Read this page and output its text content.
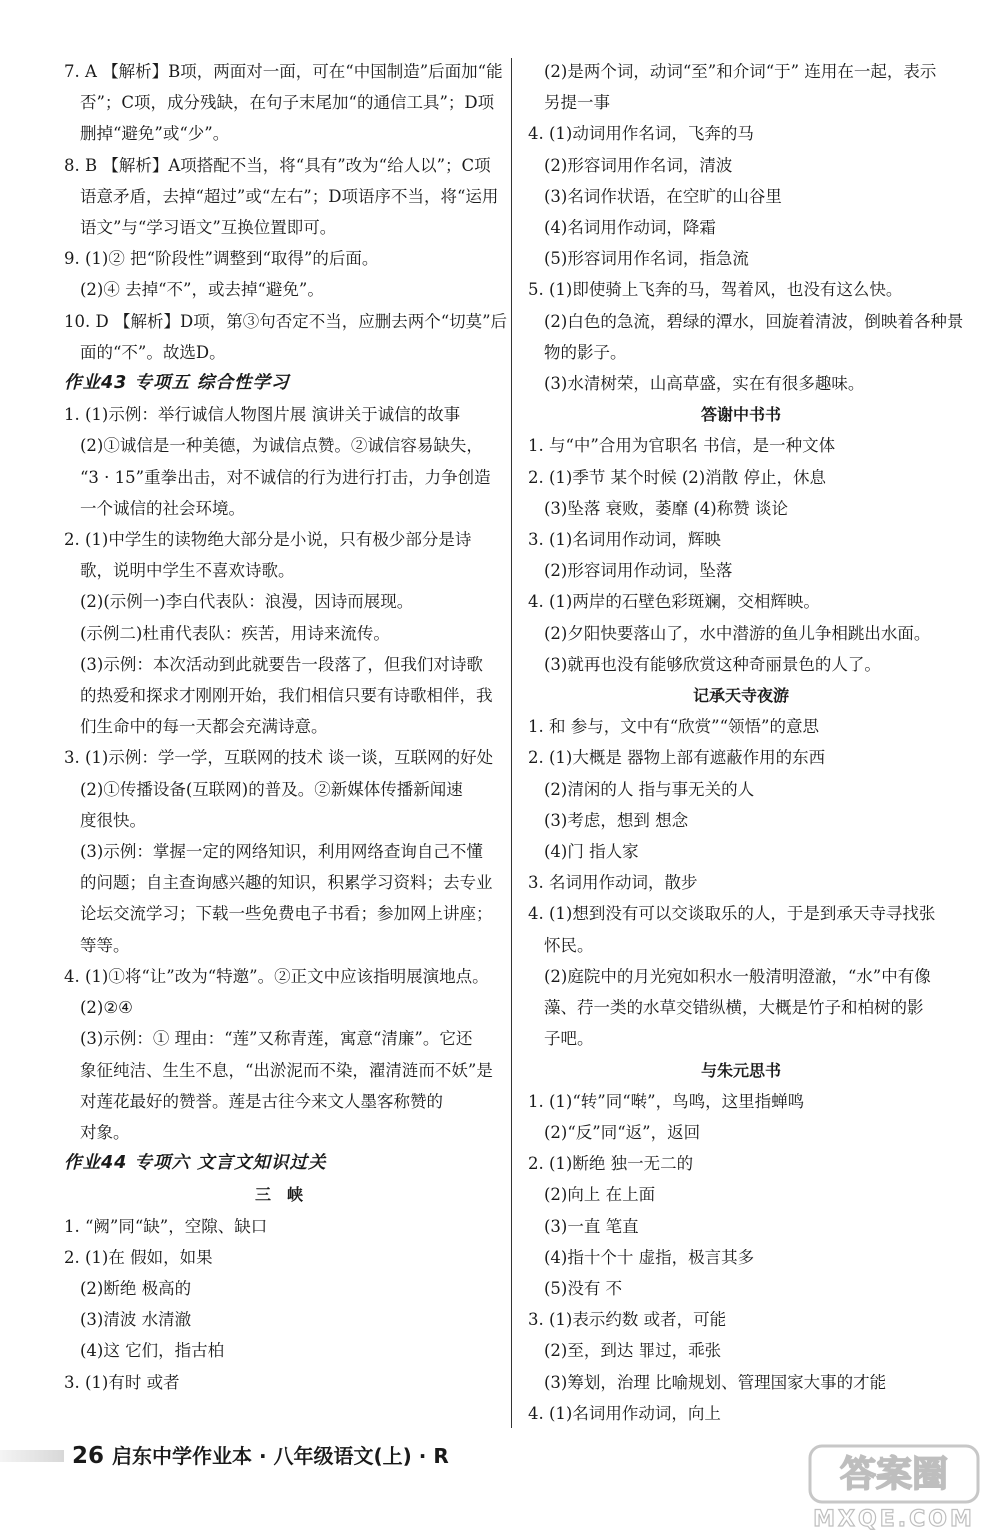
7. A 【解析】B项，两面对一面，可在“中国制造”后面加“能
否”；C项，成分残缺，在句子末尾加“的通信工具”；D项
删掉“避免”或“少”。
8. B 【解析】A项搭配不当，将“具有”改为“给人以”；C项
语意矛盾，去掉“超过”或“左右”；D项语序不当，将“运用
语文”与“学习语文”互换位置即可。
9. (1)② 把“阶段性”调整到“取得”的后面。
(2)④ 去掉“不”，或去掉“避免”。
10. D 【解析】D项，第③句否定不当，应删去两个“切莫”后
面的“不”。故选D。
作业43 专项五 综合性学习
1. (1)示例：举行诚信人物图片展 演讲关于诚信的故事
(2)①诚信是一种美德，为诚信点赞。②诚信容易缺失，
“3 · 15”重拳出击，对不诚信的行为进行打击，力争创造
一个诚信的社会环境。
2. (1)中学生的读物绝大部分是小说，只有极少部分是诗
歌，说明中学生不喜欢诗歌。
(2)(示例一)李白代表队：浪漫，因诗而展现。
(示例二)杜甫代表队：疾苦，用诗来流传。
(3)示例：本次活动到此就要告一段落了，但我们对诗歌
的热爱和探求才刚刚开始，我们相信只要有诗歌相伴，我
们生命中的每一天都会充满诗意。
3. (1)示例：学一学，互联网的技术 谈一谈，互联网的好处
(2)①传播设备(互联网)的普及。②新媒体传播新闻速
度很快。
(3)示例：掌握一定的网络知识，利用网络查询自己不懂
的问题；自主查询感兴趣的知识，积累学习资料；去专业
论坛交流学习；下载一些免费电子书看；参加网上讲座；
等等。
4. (1)①将“让”改为“特邀”。②正文中应该指明展演地点。
(2)②④
(3)示例：① 理由：“莲”又称青莲，寓意“清廉”。它还
象征纯洁、生生不息，“出淤泥而不染，濯清涟而不妖”是
对莲花最好的赞誉。莲是古往今来文人墨客称赞的
对象。
作业44 专项六 文言文知识过关
三　峡
1. “阙”同“缺”，空隙、缺口
2. (1)在 假如，如果
(2)断绝 极高的
(3)清波 水清澈
(4)这 它们，指古柏
3. (1)有时 或者
(2)是两个词，动词“至”和介词“于” 连用在一起，表示
另提一事
4. (1)动词用作名词，飞奔的马
(2)形容词用作名词，清波
(3)名词作状语，在空旷的山谷里
(4)名词用作动词，降霜
(5)形容词用作名词，指急流
5. (1)即使骑上飞奔的马，驾着风，也没有这么快。
(2)白色的急流，碧绿的潭水，回旋着清波，倒映着各种景
物的影子。
(3)水清树荣，山高草盛，实在有很多趣味。
答谢中书书
1. 与“中”合用为官职名 书信，是一种文体
2. (1)季节 某个时候 (2)消散 停止，休息
(3)坠落 衰败，萎靡 (4)称赞 谈论
3. (1)名词用作动词，辉映
(2)形容词用作动词，坠落
4. (1)两岸的石壁色彩斑斓，交相辉映。
(2)夕阳快要落山了，水中潜游的鱼儿争相跳出水面。
(3)就再也没有能够欣赏这种奇丽景色的人了。
记承天寺夜游
1. 和 参与，文中有“欣赏”“领悟”的意思
2. (1)大概是 器物上部有遮蔽作用的东西
(2)清闲的人 指与事无关的人
(3)考虑，想到 想念
(4)门 指人家
3. 名词用作动词，散步
4. (1)想到没有可以交谈取乐的人，于是到承天寺寻找张
怀民。
(2)庭院中的月光宛如积水一般清明澄澈，“水”中有像
藻、荇一类的水草交错纵横，大概是竹子和柏树的影
子吧。
与朱元思书
1. (1)“转”同“啭”，鸟鸣，这里指蝉鸣
(2)“反”同“返”，返回
2. (1)断绝 独一无二的
(2)向上 在上面
(3)一直 笔直
(4)指十个十 虚指，极言其多
(5)没有 不
3. (1)表示约数 或者，可能
(2)至，到达 罪过，乖张
(3)筹划，治理 比喻规划、管理国家大事的才能
4. (1)名词用作动词，向上
26 启东中学作业本 · 八年级语文(上) · R	答案圈
MXQE.COM
